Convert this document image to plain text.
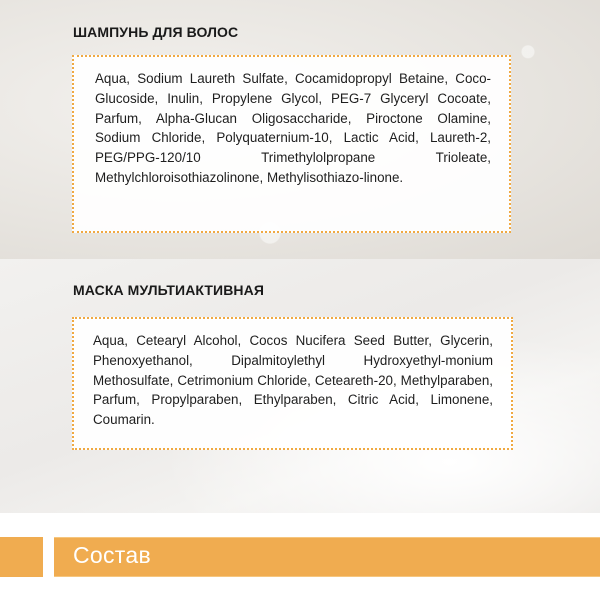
ШАМПУНЬ ДЛЯ ВОЛОС

Aqua, Sodium Laureth Sulfate, Cocamidopropyl Betaine, Coco-Glucoside, Inulin, Propylene Glycol, PEG-7 Glyceryl Cocoate, Parfum, Alpha-Glucan Oligosaccharide, Piroctone Olamine, Sodium Chloride, Polyquaternium-10, Lactic Acid, Laureth-2, PEG/PPG-120/10 Trimethylolpropane Trioleate, Methylchloroisothiazolinone, Methylisothiazo-linone.

МАСКА МУЛЬТИАКТИВНАЯ

Aqua, Cetearyl Alcohol, Cocos Nucifera Seed Butter, Glycerin, Phenoxyethanol, Dipalmitoylethyl Hydroxyethyl-monium Methosulfate, Cetrimonium Chloride, Ceteareth-20, Methylparaben, Parfum, Propylparaben, Ethylparaben, Citric Acid, Limonene, Coumarin.

Состав
